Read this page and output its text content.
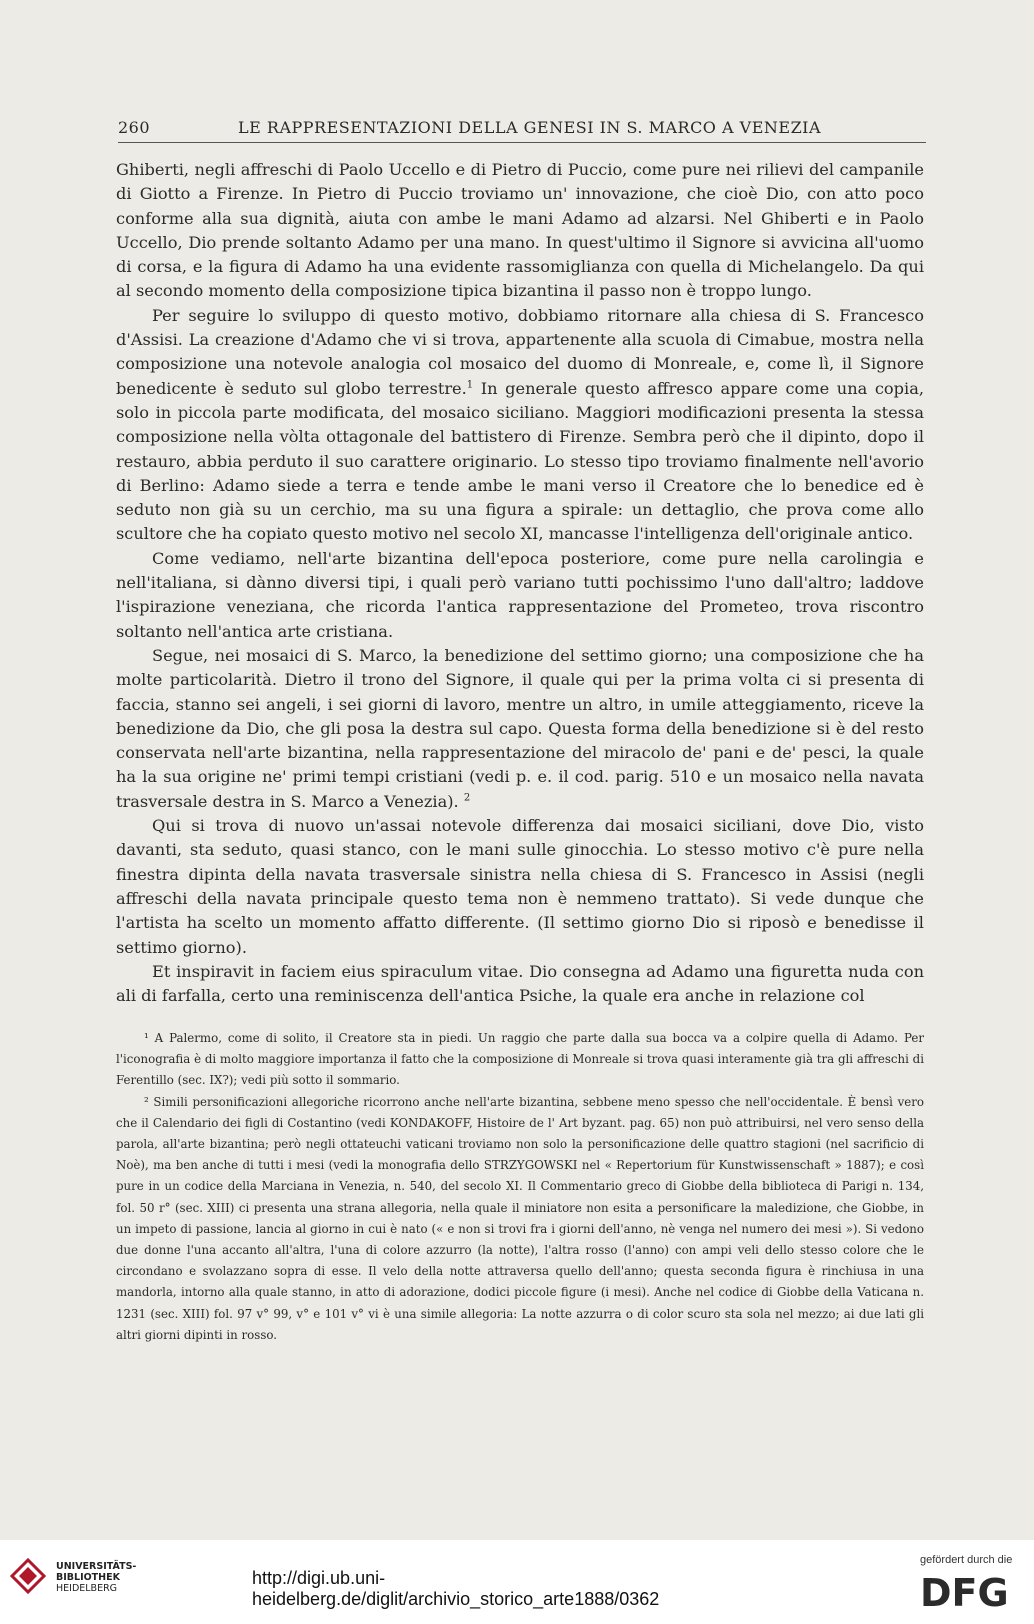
260	LE RAPPRESENTAZIONI DELLA GENESI IN S. MARCO A VENEZIA

Ghiberti, negli affreschi di Paolo Uccello e di Pietro di Puccio, come pure nei rilievi del campanile di Giotto a Firenze. In Pietro di Puccio troviamo un' innovazione, che cioè Dio, con atto poco conforme alla sua dignità, aiuta con ambe le mani Adamo ad alzarsi. Nel Ghiberti e in Paolo Uccello, Dio prende soltanto Adamo per una mano. In quest'ultimo il Signore si avvicina all'uomo di corsa, e la figura di Adamo ha una evidente rassomiglianza con quella di Michelangelo. Da qui al secondo momento della composizione tipica bizantina il passo non è troppo lungo.

Per seguire lo sviluppo di questo motivo, dobbiamo ritornare alla chiesa di S. Francesco d'Assisi. La creazione d'Adamo che vi si trova, appartenente alla scuola di Cimabue, mostra nella composizione una notevole analogia col mosaico del duomo di Monreale, e, come lì, il Signore benedicente è seduto sul globo terrestre.$^1$ In generale questo affresco appare come una copia, solo in piccola parte modificata, del mosaico siciliano. Maggiori modificazioni presenta la stessa composizione nella vòlta ottagonale del battistero di Firenze. Sembra però che il dipinto, dopo il restauro, abbia perduto il suo carattere originario. Lo stesso tipo troviamo finalmente nell'avorio di Berlino: Adamo siede a terra e tende ambe le mani verso il Creatore che lo benedice ed è seduto non già su un cerchio, ma su una figura a spirale: un dettaglio, che prova come allo scultore che ha copiato questo motivo nel secolo XI, mancasse l'intelligenza dell'originale antico.

Come vediamo, nell'arte bizantina dell'epoca posteriore, come pure nella carolingia e nell'italiana, si dànno diversi tipi, i quali però variano tutti pochissimo l'uno dall'altro; laddove l'ispirazione veneziana, che ricorda l'antica rappresentazione del Prometeo, trova riscontro soltanto nell'antica arte cristiana.

Segue, nei mosaici di S. Marco, la benedizione del settimo giorno; una composizione che ha molte particolarità. Dietro il trono del Signore, il quale qui per la prima volta ci si presenta di faccia, stanno sei angeli, i sei giorni di lavoro, mentre un altro, in umile atteggiamento, riceve la benedizione da Dio, che gli posa la destra sul capo. Questa forma della benedizione si è del resto conservata nell'arte bizantina, nella rappresentazione del miracolo de' pani e de' pesci, la quale ha la sua origine ne' primi tempi cristiani (vedi p. e. il cod. parig. 510 e un mosaico nella navata trasversale destra in S. Marco a Venezia). $^2$

Qui si trova di nuovo un'assai notevole differenza dai mosaici siciliani, dove Dio, visto davanti, sta seduto, quasi stanco, con le mani sulle ginocchia. Lo stesso motivo c'è pure nella finestra dipinta della navata trasversale sinistra nella chiesa di S. Francesco in Assisi (negli affreschi della navata principale questo tema non è nemmeno trattato). Si vede dunque che l'artista ha scelto un momento affatto differente. (Il settimo giorno Dio si riposò e benedisse il settimo giorno).

Et inspiravit in faciem eius spiraculum vitae. Dio consegna ad Adamo una figuretta nuda con ali di farfalla, certo una reminiscenza dell'antica Psiche, la quale era anche in relazione col

¹ A Palermo, come di solito, il Creatore sta in piedi. Un raggio che parte dalla sua bocca va a colpire quella di Adamo. Per l'iconografia è di molto maggiore importanza il fatto che la composizione di Monreale si trova quasi interamente già tra gli affreschi di Ferentillo (sec. IX?); vedi più sotto il sommario.

² Simili personificazioni allegoriche ricorrono anche nell'arte bizantina, sebbene meno spesso che nell'occidentale. È bensì vero che il Calendario dei figli di Costantino (vedi KONDAKOFF, Histoire de l' Art byzant. pag. 65) non può attribuirsi, nel vero senso della parola, all'arte bizantina; però negli ottateuchi vaticani troviamo non solo la personificazione delle quattro stagioni (nel sacrificio di Noè), ma ben anche di tutti i mesi (vedi la monografia dello STRZYGOWSKI nel « Repertorium für Kunstwissenschaft » 1887); e così pure in un codice della Marciana in Venezia, n. 540, del secolo XI. Il Commentario greco di Giobbe della biblioteca di Parigi n. 134, fol. 50 r° (sec. XIII) ci presenta una strana allegoria, nella quale il miniatore non esita a personificare la maledizione, che Giobbe, in un impeto di passione, lancia al giorno in cui è nato (« e non si trovi fra i giorni dell'anno, nè venga nel numero dei mesi »). Si vedono due donne l'una accanto all'altra, l'una di colore azzurro (la notte), l'altra rosso (l'anno) con ampi veli dello stesso colore che le circondano e svolazzano sopra di esse. Il velo della notte attraversa quello dell'anno; questa seconda figura è rinchiusa in una mandorla, intorno alla quale stanno, in atto di adorazione, dodici piccole figure (i mesi). Anche nel codice di Giobbe della Vaticana n. 1231 (sec. XIII) fol. 97 v° 99, v° e 101 v° vi è una simile allegoria: La notte azzurra o di color scuro sta sola nel mezzo; ai due lati gli altri giorni dipinti in rosso.

UNIVERSITÄTS-
BIBLIOTHEK
HEIDELBERG
http://digi.ub.uni-heidelberg.de/diglit/archivio_storico_arte1888/0362
gefördert durch die
DFG
